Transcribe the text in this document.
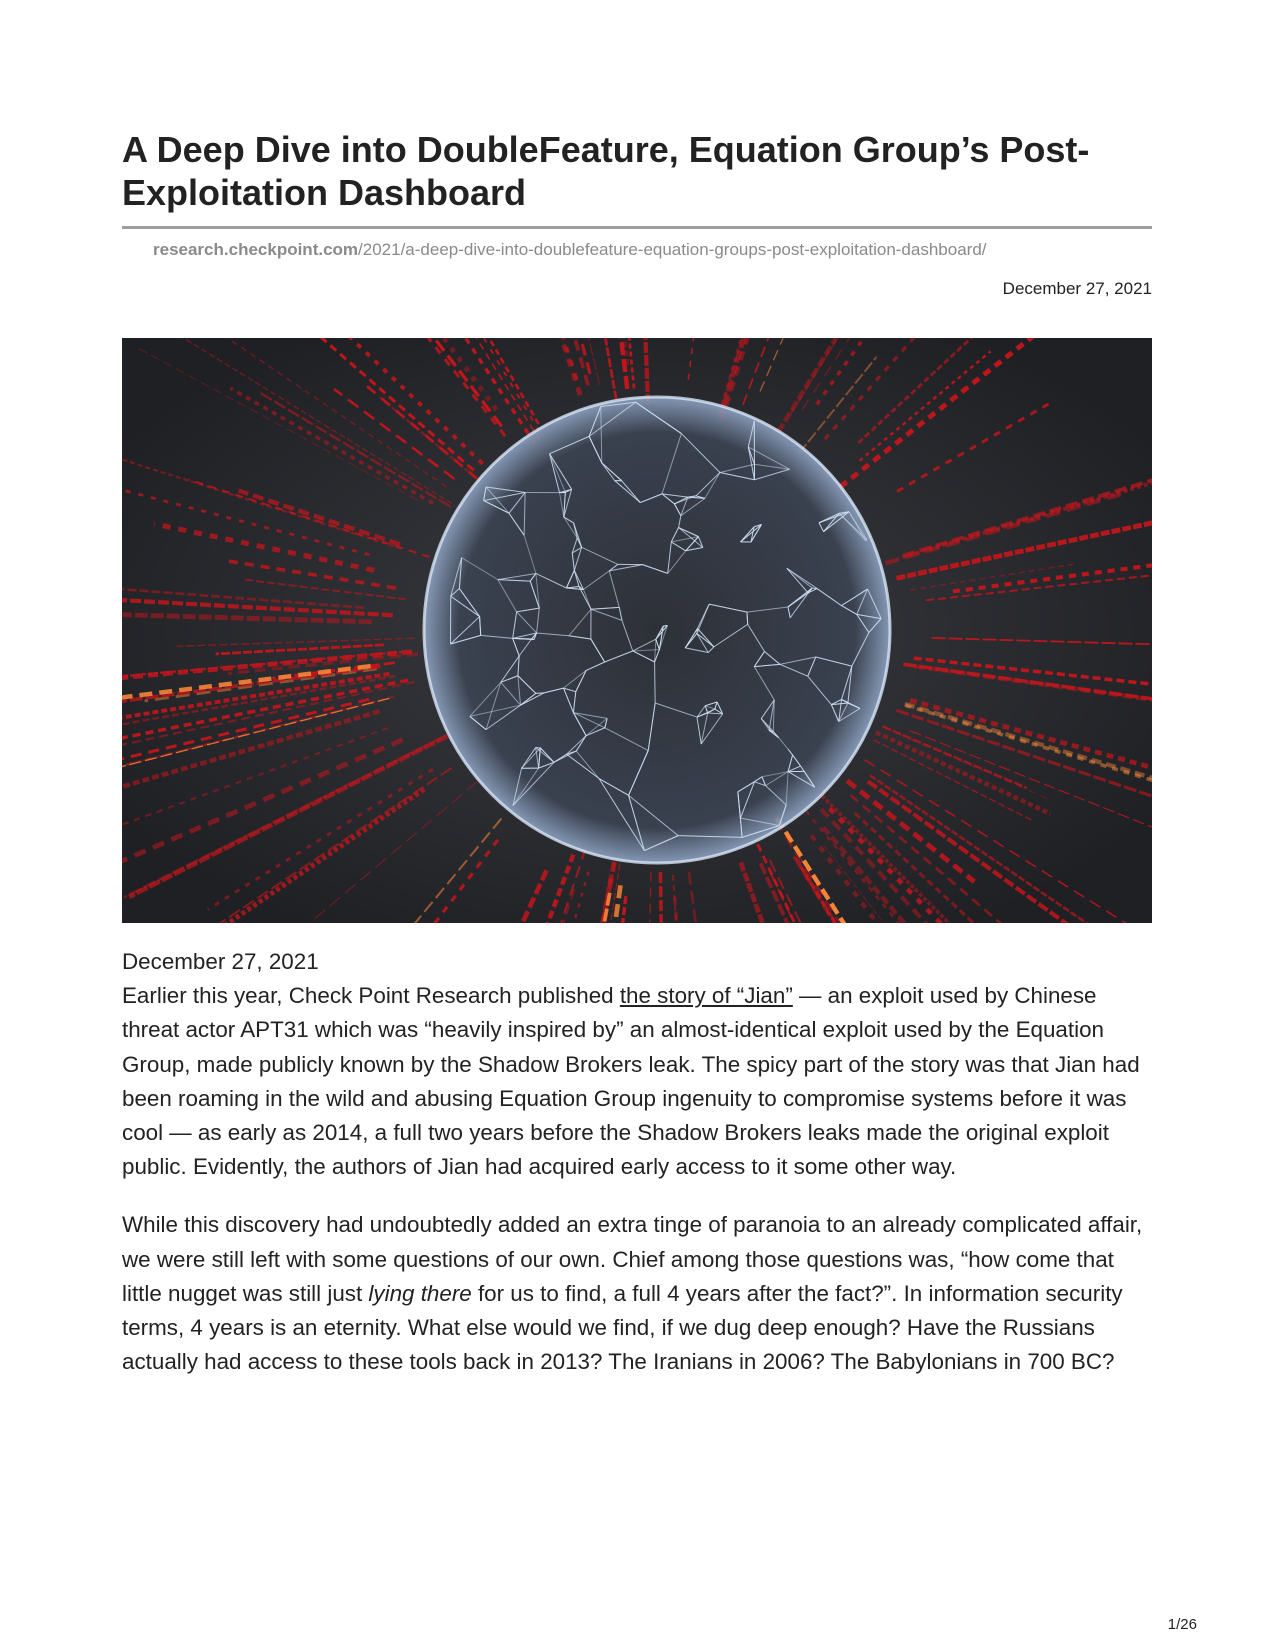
A Deep Dive into DoubleFeature, Equation Group’s Post-Exploitation Dashboard
research.checkpoint.com/2021/a-deep-dive-into-doublefeature-equation-groups-post-exploitation-dashboard/
December 27, 2021
December 27, 2021

Earlier this year, Check Point Research published the story of “Jian” — an exploit used by Chinese threat actor APT31 which was “heavily inspired by” an almost-identical exploit used by the Equation Group, made publicly known by the Shadow Brokers leak. The spicy part of the story was that Jian had been roaming in the wild and abusing Equation Group ingenuity to compromise systems before it was cool — as early as 2014, a full two years before the Shadow Brokers leaks made the original exploit public. Evidently, the authors of Jian had acquired early access to it some other way.

While this discovery had undoubtedly added an extra tinge of paranoia to an already complicated affair, we were still left with some questions of our own. Chief among those questions was, “how come that little nugget was still just lying there for us to find, a full 4 years after the fact?”. In information security terms, 4 years is an eternity. What else would we find, if we dug deep enough? Have the Russians actually had access to these tools back in 2013? The Iranians in 2006? The Babylonians in 700 BC?

1/26
